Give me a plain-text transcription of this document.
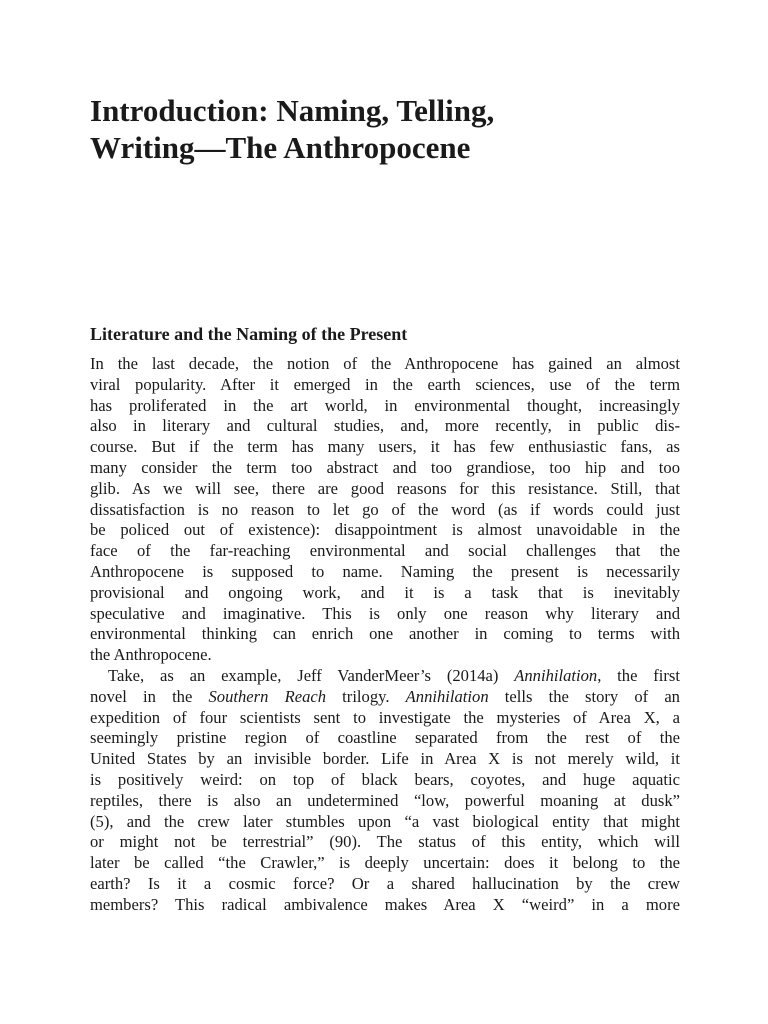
Introduction: Naming, Telling,
Writing—The Anthropocene
Literature and the Naming of the Present
In the last decade, the notion of the Anthropocene has gained an almost
viral popularity. After it emerged in the earth sciences, use of the term
has proliferated in the art world, in environmental thought, increasingly
also in literary and cultural studies, and, more recently, in public dis-
course. But if the term has many users, it has few enthusiastic fans, as
many consider the term too abstract and too grandiose, too hip and too
glib. As we will see, there are good reasons for this resistance. Still, that
dissatisfaction is no reason to let go of the word (as if words could just
be policed out of existence): disappointment is almost unavoidable in the
face of the far-reaching environmental and social challenges that the
Anthropocene is supposed to name. Naming the present is necessarily
provisional and ongoing work, and it is a task that is inevitably
speculative and imaginative. This is only one reason why literary and
environmental thinking can enrich one another in coming to terms with
the Anthropocene.
Take, as an example, Jeff VanderMeer’s (2014a) Annihilation, the first
novel in the Southern Reach trilogy. Annihilation tells the story of an
expedition of four scientists sent to investigate the mysteries of Area X, a
seemingly pristine region of coastline separated from the rest of the
United States by an invisible border. Life in Area X is not merely wild, it
is positively weird: on top of black bears, coyotes, and huge aquatic
reptiles, there is also an undetermined “low, powerful moaning at dusk”
(5), and the crew later stumbles upon “a vast biological entity that might
or might not be terrestrial” (90). The status of this entity, which will
later be called “the Crawler,” is deeply uncertain: does it belong to the
earth? Is it a cosmic force? Or a shared hallucination by the crew
members? This radical ambivalence makes Area X “weird” in a more
